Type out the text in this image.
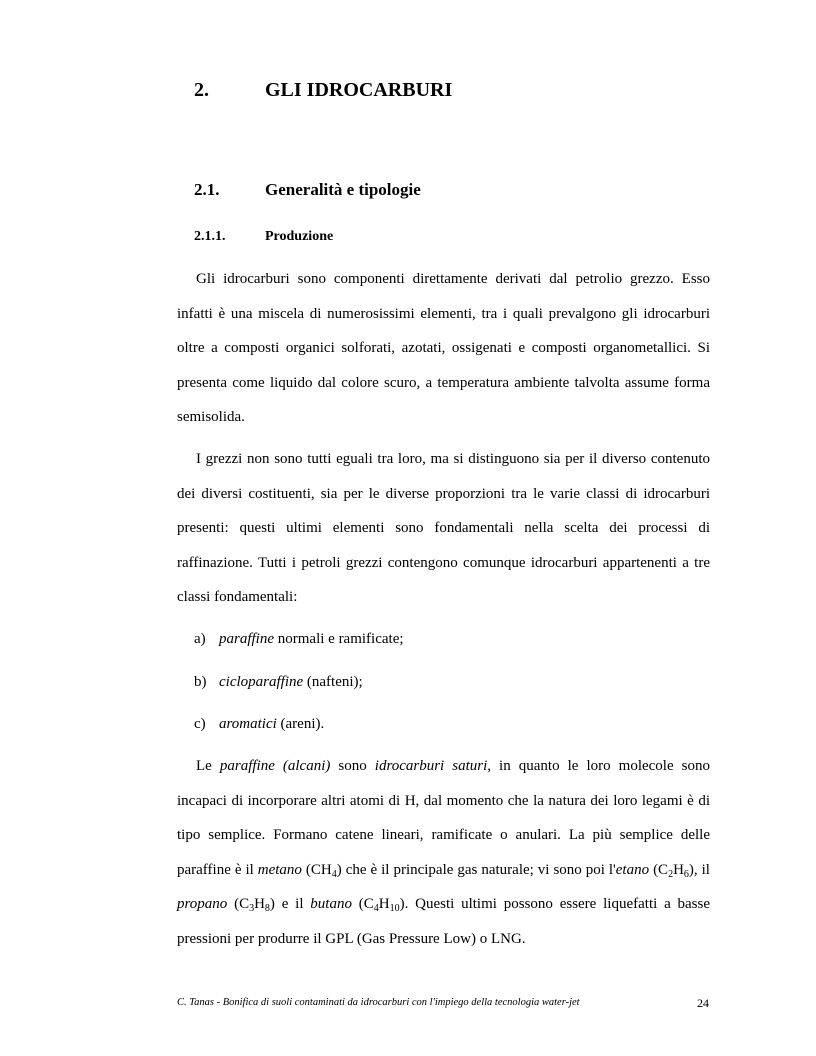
2.	GLI IDROCARBURI
2.1.	Generalità e tipologie
2.1.1.	Produzione

Gli idrocarburi sono componenti direttamente derivati dal petrolio grezzo. Esso infatti è una miscela di numerosissimi elementi, tra i quali prevalgono gli idrocarburi oltre a composti organici solforati, azotati, ossigenati e composti organometallici. Si presenta come liquido dal colore scuro, a temperatura ambiente talvolta assume forma semisolida.

I grezzi non sono tutti eguali tra loro, ma si distinguono sia per il diverso contenuto dei diversi costituenti, sia per le diverse proporzioni tra le varie classi di idrocarburi presenti: questi ultimi elementi sono fondamentali nella scelta dei processi di raffinazione. Tutti i petroli grezzi contengono comunque idrocarburi appartenenti a tre classi fondamentali:

a) paraffine normali e ramificate;
b) cicloparaffine (nafteni);
c) aromatici (areni).

Le paraffine (alcani) sono idrocarburi saturi, in quanto le loro molecole sono incapaci di incorporare altri atomi di H, dal momento che la natura dei loro legami è di tipo semplice. Formano catene lineari, ramificate o anulari. La più semplice delle paraffine è il metano $(CH_4)$ che è il principale gas naturale; vi sono poi l'etano $(C_2H_6)$, il propano $(C_3H_8)$ e il butano $(C_4H_{10})$. Questi ultimi possono essere liquefatti a basse pressioni per produrre il GPL (Gas Pressure Low) o LNG.

C. Tanas - Bonifica di suoli contaminati da idrocarburi con l'impiego della tecnologia water-jet	24
